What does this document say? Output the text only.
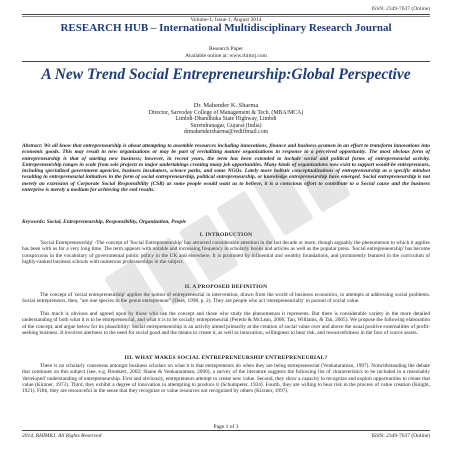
ISSN: 2349-7637 (Online)
Volume-1, Issue-1, August 2014
RESEARCH HUB – International Multidisciplinary Research Journal
Research Paper
Available online at: www.rhimrj.com
A New Trend Social Entrepreneurship:Global Perspective
Dr. Mahender K. Sharma
Director, Sarvoday College of Management & Tech. (MBA/MCA)
Limbdi-Dhandhuka State Highway, Limbdi
Surendranagar, Gujarat (India)
drmahendersharma@rediffmail.com
Abstract: We all know that entrepreneurship is about attempting to assemble resources including innovations, finance and business acumen in an effort to transform innovations into economic goods. This may result in new organizations or may be part of revitalizing mature organizations in response to a perceived opportunity. The most obvious form of entrepreneurship is that of starting new business; however, in recent years, the term has been extended to include social and political forms of entrepreneurial activity. Entrepreneurship ranges in scale from sole projects to major undertakings creating many job opportunities. Many kinds of organizations now exist to support would-be entrepreneurs, including specialized government agencies, business incubators, science parks, and some NGOs. Lately more holistic conceptualizations of entrepreneurship as a specific mindset resulting in entrepreneurial initiatives in the form of social entrepreneurship, political entrepreneurship, or knowledge entrepreneurship have emerged. Social entrepreneurship is not merely an extension of Corporate Social Responsibility (CSR) as some people would want us to believe, it is a conscious effort to contribute to a Social cause and the business enterprise is merely a medium for achieving the end results.
Keywords: Social, Entrepreneurship, Responsibility, Organization, People
I. INTRODUCTION
'Social Entrepreneurship' -The concept of 'Social Entrepreneurship' has attracted considerable attention in the last decade or more, though arguably the phenomenon to which it applies has been with us for a very long time. The term appears with notable and increasing frequency in scholarly books and articles as well as the popular press. 'Social entrepreneurship' has become conspicuous in the vocabulary of governmental public policy in the UK and elsewhere. It is promoted by influential and wealthy foundations, and prominently featured in the curriculum of highly-ranked business schools with numerous professorships in the subject.
II. A PROPOSED DEFINITION
The concept of 'social entrepreneurship' applies the notion of entrepreneurial in intervention, drawn from the world of business economics, to attempts at addressing social problems. Social entrepreneurs, then, "are one species in the genus entrepreneur" (Dees, 1998, p. 2). They are people who act 'entrepreneurially' in pursuit of social value.
This much is obvious and agreed upon by those who use the concept and those who study the phenomenon it represents. But there is considerable variety in the more detailed understanding of both what it is to be entrepreneurial, and what it is to be socially entrepreneurial (Peredo & McLean, 2006; Tan, Williams, & Tan, 2005). We propose the following elaboration of the concept, and argue below for its plausibility: Social entrepreneurship is an activity aimed primarily at the creation of social value over and above the usual positive externalities of profit-seeking business. It involves alertness to the need for social good and the means to create it, as well as innovation, willingness to bear risk, and resourcefulness in the face of scarce assets.
III. WHAT MAKES SOCIAL ENTREPRENEURSHIP ENTREPRENEURIAL?
There is no scholarly consensus amongst business scholars on what it is that entrepreneurs do when they are being entrepreneurial (Venkataraman, 1997). Notwithstanding the debate that continues on this subject (see, e.g. Brenkert, 2002; Shane & Venkataraman, 2000), a survey of the literature suggests the following list of characteristics to be included in a reasonably 'developed' understanding of entrepreneurship. First and obviously, entrepreneurs attempt to create new value. Second, they show a capacity to recognize and exploit opportunities to create that value (Kirzner, 1973). Third, they exhibit a degree of innovation in attempting to produce it (Schumpeter, 1934). Fourth, they are willing to bear risk in the process of value creation (Knight, 1921). Fifth, they are resourceful in the sense that they recognize or value resources not recognized by others (Kirzner, 1997).
Page 1 of 3
2014, RHIMRJ, All Rights Reserved	ISSN: 2349-7637 (Online)
